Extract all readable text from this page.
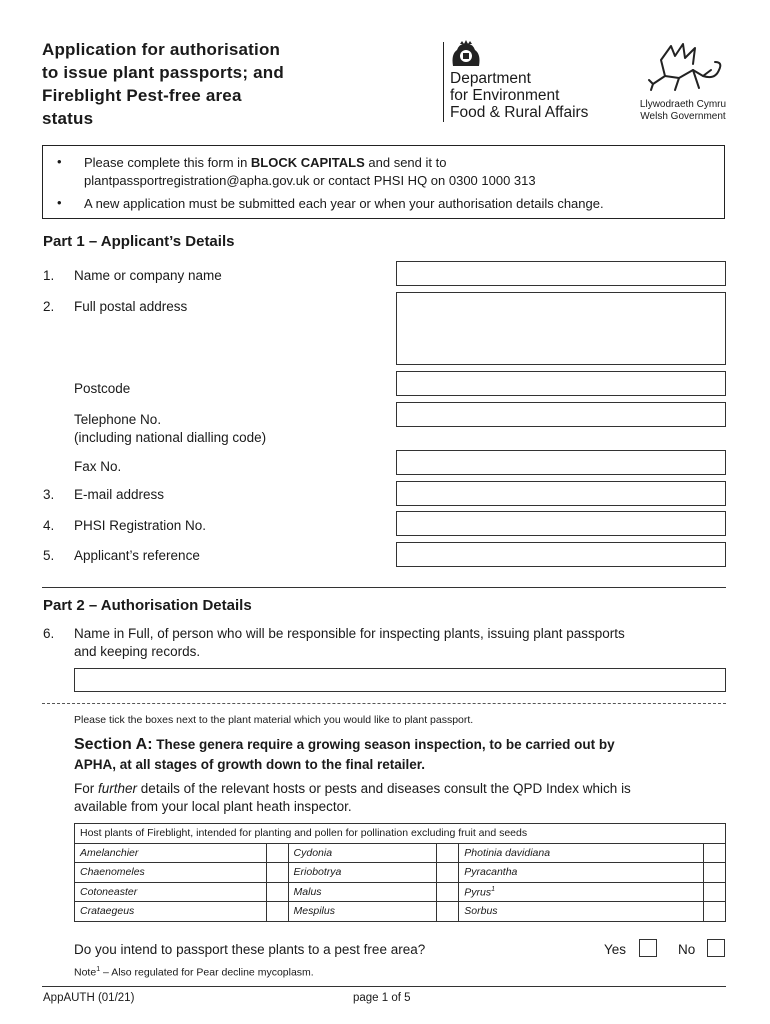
Application for authorisation
to issue plant passports; and
Fireblight Pest-free area
status
Department
for Environment
Food & Rural Affairs	Llywodraeth Cymru
Welsh Government
• Please complete this form in BLOCK CAPITALS and send it to
plantpassportregistration@apha.gov.uk or contact PHSI HQ on 0300 1000 313
• A new application must be submitted each year or when your authorisation details change.
Part 1 – Applicant’s Details
1. Name or company name
2. Full postal address
Postcode
Telephone No.
(including national dialling code)
Fax No.
3. E-mail address
4. PHSI Registration No.
5. Applicant’s reference
Part 2 – Authorisation Details
6. Name in Full, of person who will be responsible for inspecting plants, issuing plant passports
and keeping records.
Please tick the boxes next to the plant material which you would like to plant passport.
Section A: These genera require a growing season inspection, to be carried out by
APHA, at all stages of growth down to the final retailer.
For further details of the relevant hosts or pests and diseases consult the QPD Index which is
available from your local plant heath inspector.
Host plants of Fireblight, intended for planting and pollen for pollination excluding fruit and seeds					
Amelanchier		Cydonia		Photinia davidiana	
Chaenomeles		Eriobotrya		Pyracantha	
Cotoneaster		Malus		Pyrus$^1$	
Crataegeus		Mespilus		Sorbus	
Do you intend to passport these plants to a pest free area?	Yes	No
Note$^1$ – Also regulated for Pear decline mycoplasm.
AppAUTH (01/21)	page 1 of 5
